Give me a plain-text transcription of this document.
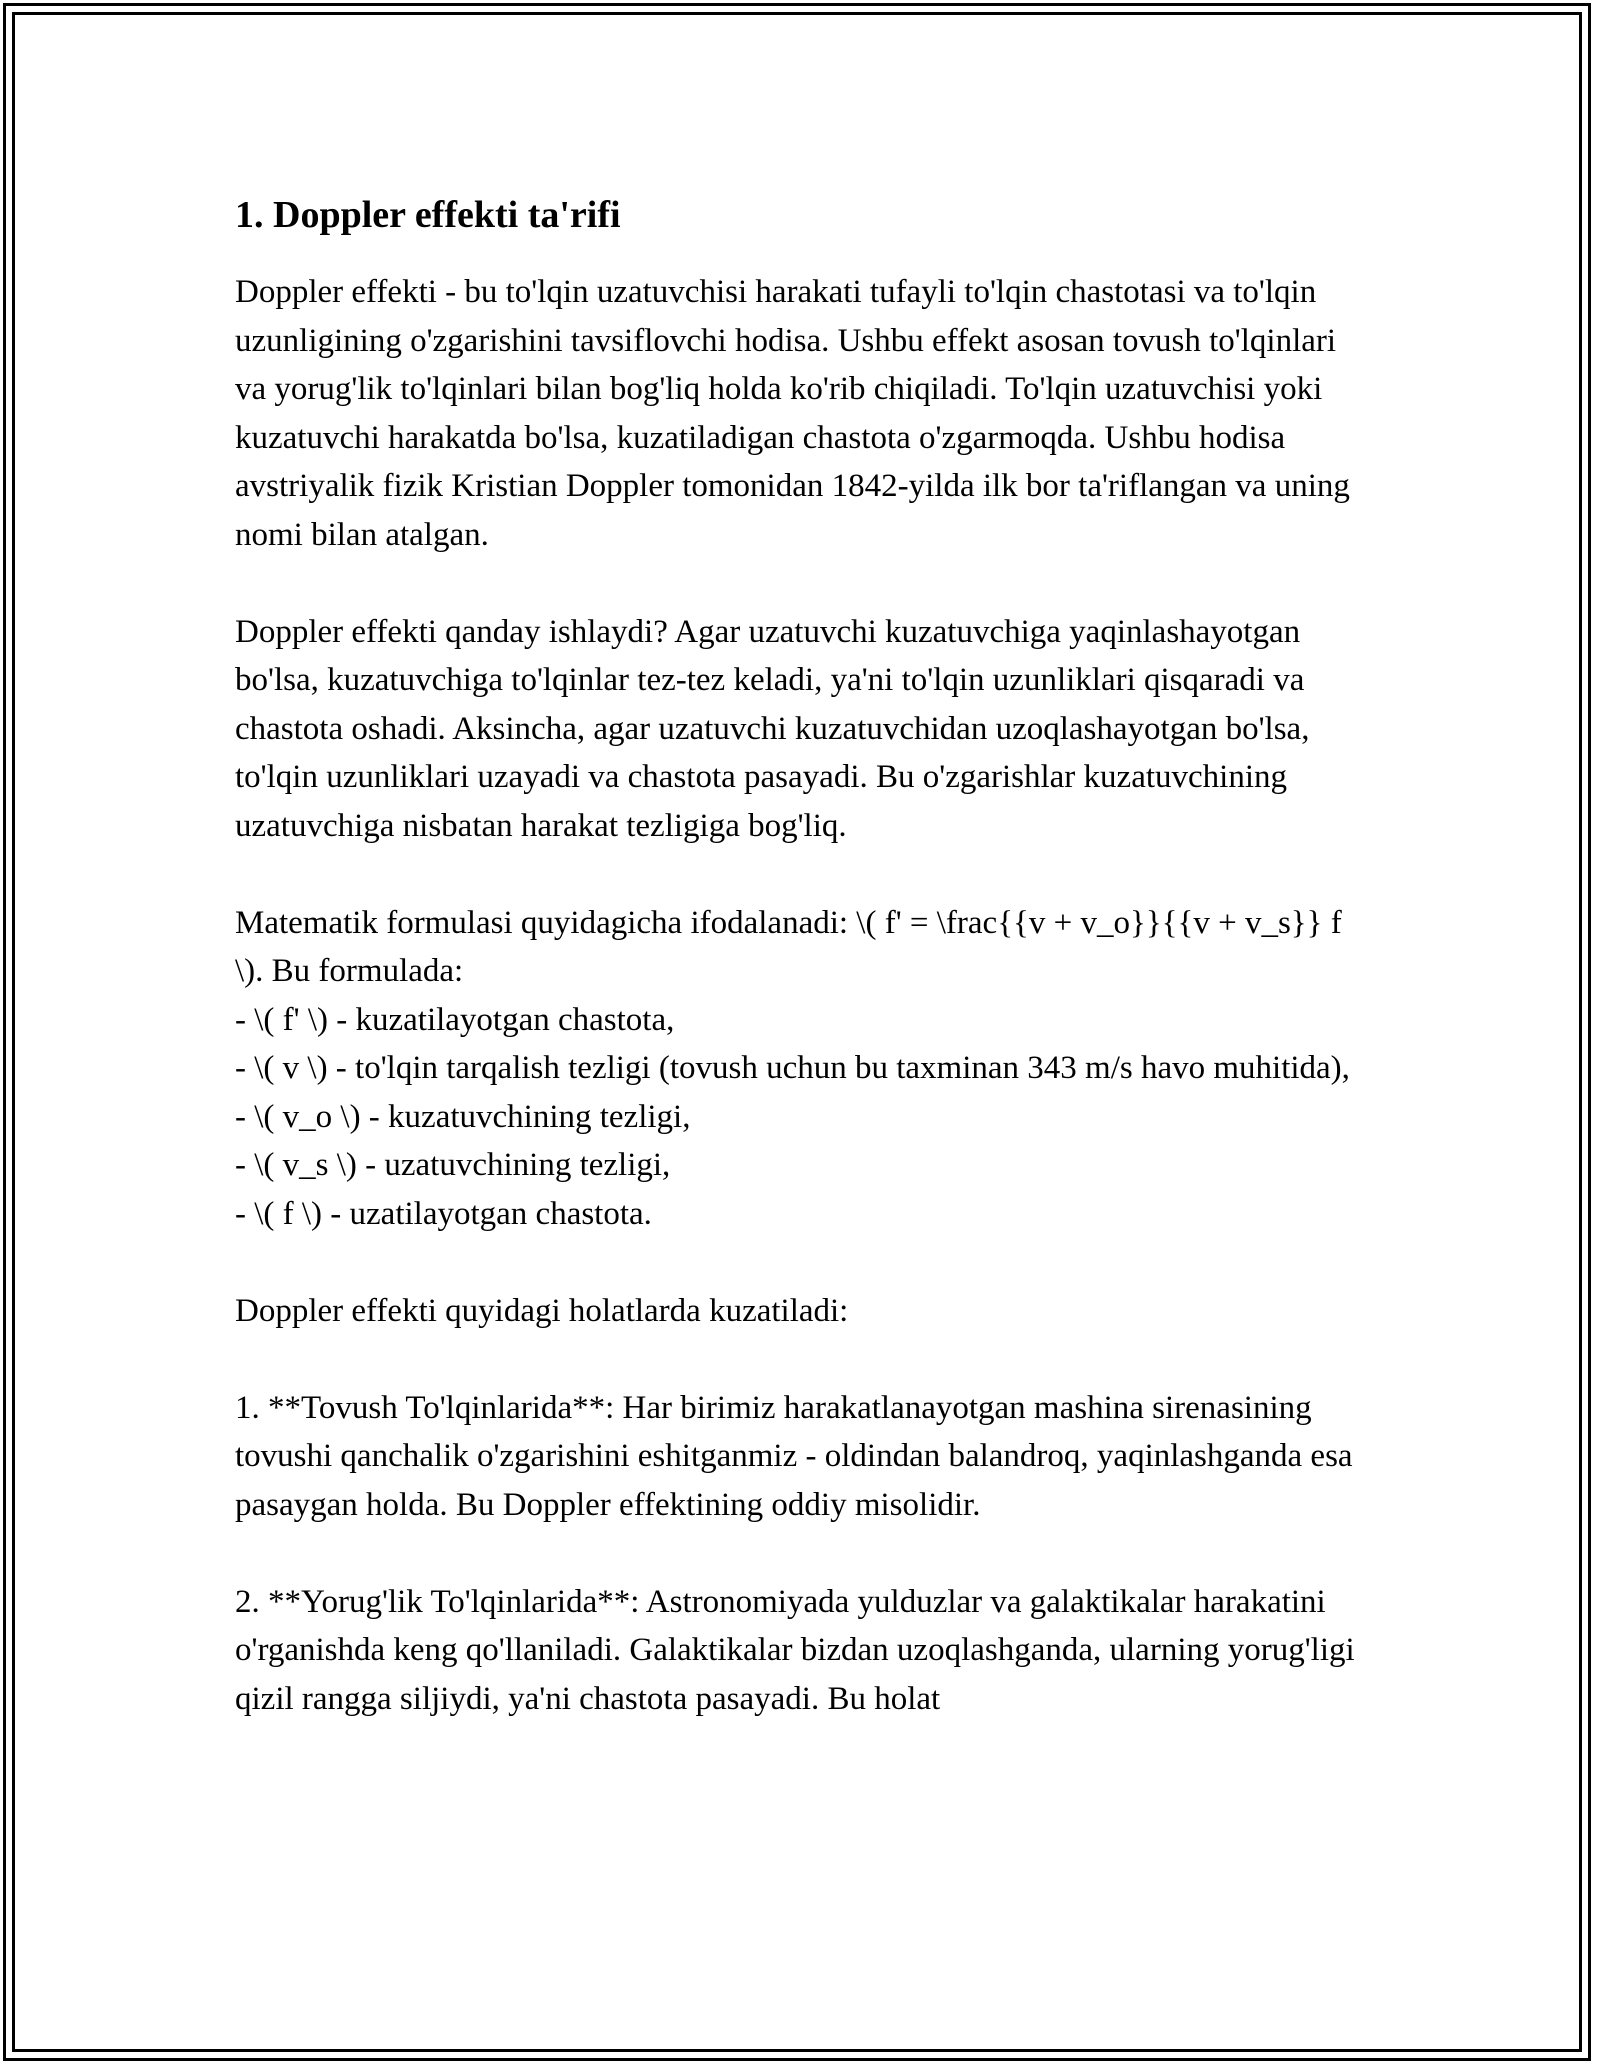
1. Doppler effekti ta'rifi

Doppler effekti - bu to'lqin uzatuvchisi harakati tufayli to'lqin chastotasi va to'lqin uzunligining o'zgarishini tavsiflovchi hodisa. Ushbu effekt asosan tovush to'lqinlari va yorug'lik to'lqinlari bilan bog'liq holda ko'rib chiqiladi. To'lqin uzatuvchisi yoki kuzatuvchi harakatda bo'lsa, kuzatiladigan chastota o'zgarmoqda. Ushbu hodisa avstriyalik fizik Kristian Doppler tomonidan 1842-yilda ilk bor ta'riflangan va uning nomi bilan atalgan.

Doppler effekti qanday ishlaydi? Agar uzatuvchi kuzatuvchiga yaqinlashayotgan bo'lsa, kuzatuvchiga to'lqinlar tez-tez keladi, ya'ni to'lqin uzunliklari qisqaradi va chastota oshadi. Aksincha, agar uzatuvchi kuzatuvchidan uzoqlashayotgan bo'lsa, to'lqin uzunliklari uzayadi va chastota pasayadi. Bu o'zgarishlar kuzatuvchining uzatuvchiga nisbatan harakat tezligiga bog'liq.

Matematik formulasi quyidagicha ifodalanadi: \( f' = \frac{{v + v_o}}{{v + v_s}} f \). Bu formulada:

- \( f' \) - kuzatilayotgan chastota,

- \( v \) - to'lqin tarqalish tezligi (tovush uchun bu taxminan 343 m/s havo muhitida),

- \( v_o \) - kuzatuvchining tezligi,

- \( v_s \) - uzatuvchining tezligi,

- \( f \) - uzatilayotgan chastota.

Doppler effekti quyidagi holatlarda kuzatiladi:

1. **Tovush To'lqinlarida**: Har birimiz harakatlanayotgan mashina sirenasining tovushi qanchalik o'zgarishini eshitganmiz - oldindan balandroq, yaqinlashganda esa pasaygan holda. Bu Doppler effektining oddiy misolidir.

2. **Yorug'lik To'lqinlarida**: Astronomiyada yulduzlar va galaktikalar harakatini o'rganishda keng qo'llaniladi. Galaktikalar bizdan uzoqlashganda, ularning yorug'ligi qizil rangga siljiydi, ya'ni chastota pasayadi. Bu holat
